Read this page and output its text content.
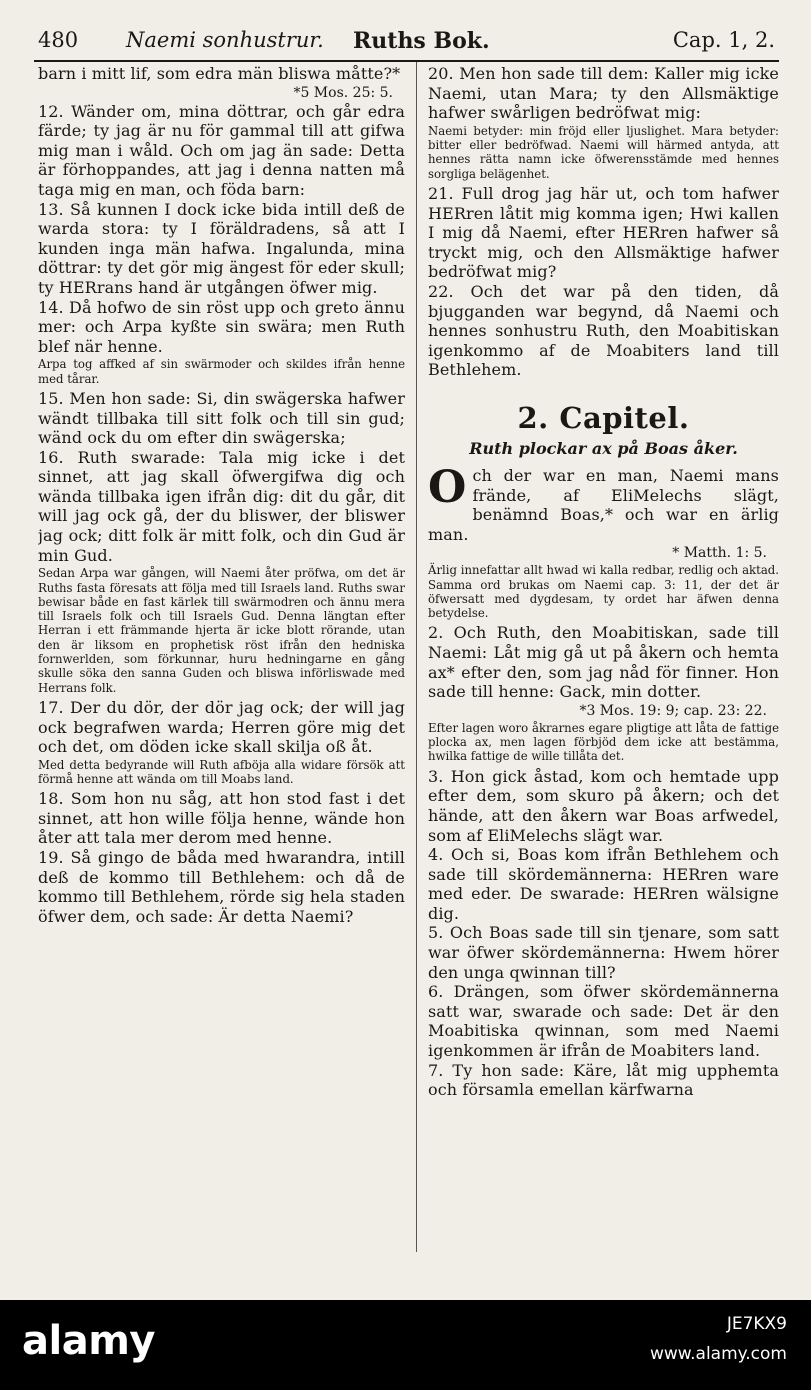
480 Naemi sonhustrur. Ruths Bok.	Cap. 1, 2.

barn i mitt lif, som edra män bliswa måtte?*

*5 Mos. 25: 5.

12. Wänder om, mina döttrar, och går edra färde; ty jag är nu för gammal till att gifwa mig man i wåld. Och om jag än sade: Detta är förhoppandes, att jag i denna natten må taga mig en man, och föda barn:

13. Så kunnen I dock icke bida intill deß de warda stora: ty I föräldradens, så att I kunden inga män hafwa. Ingalunda, mina döttrar: ty det gör mig ängest för eder skull; ty HERrans hand är utgången öfwer mig.

14. Då hofwo de sin röst upp och greto ännu mer: och Arpa kyßte sin swära; men Ruth blef när henne.

Arpa tog affked af sin swärmoder och skildes ifrån henne med tårar.

15. Men hon sade: Si, din swägerska hafwer wändt tillbaka till sitt folk och till sin gud; wänd ock du om efter din swägerska;

16. Ruth swarade: Tala mig icke i det sinnet, att jag skall öfwergifwa dig och wända tillbaka igen ifrån dig: dit du går, dit will jag ock gå, der du bliswer, der bliswer jag ock; ditt folk är mitt folk, och din Gud är min Gud.

Sedan Arpa war gången, will Naemi åter pröfwa, om det är Ruths fasta föresats att följa med till Israels land. Ruths swar bewisar både en fast kärlek till swärmodren och ännu mera till Israels folk och till Israels Gud. Denna längtan efter Herran i ett främmande hjerta är icke blott rörande, utan den är liksom en prophetisk röst ifrån den hedniska fornwerlden, som förkunnar, huru hedningarne en gång skulle söka den sanna Guden och bliswa införliswade med Herrans folk.

17. Der du dör, der dör jag ock; der will jag ock begrafwen warda; Herren göre mig det och det, om döden icke skall skilja oß åt.

Med detta bedyrande will Ruth afböja alla widare försök att förmå henne att wända om till Moabs land.

18. Som hon nu såg, att hon stod fast i det sinnet, att hon wille följa henne, wände hon åter att tala mer derom med henne.

19. Så gingo de båda med hwarandra, intill deß de kommo till Bethlehem: och då de kommo till Bethlehem, rörde sig hela staden öfwer dem, och sade: Är detta Naemi?

20. Men hon sade till dem: Kaller mig icke Naemi, utan Mara; ty den Allsmäktige hafwer swårligen bedröfwat mig:

Naemi betyder: min fröjd eller ljuslighet. Mara betyder: bitter eller bedröfwad. Naemi will härmed antyda, att hennes rätta namn icke öfwerensstämde med hennes sorgliga belägenhet.

21. Full drog jag här ut, och tom hafwer HERren låtit mig komma igen; Hwi kallen I mig då Naemi, efter HERren hafwer så tryckt mig, och den Allsmäktige hafwer bedröfwat mig?

22. Och det war på den tiden, då bjugganden war begynd, då Naemi och hennes sonhustru Ruth, den Moabitiskan igenkommo af de Moabiters land till Bethlehem.

2. Capitel.
Ruth plockar ax på Boas åker.

Och der war en man, Naemi mans frände, af EliMelechs slägt, benämnd Boas,* och war en ärlig man.

* Matth. 1: 5.

Ärlig innefattar allt hwad wi kalla redbar, redlig och aktad. Samma ord brukas om Naemi cap. 3: 11, der det är öfwersatt med dygdesam, ty ordet har äfwen denna betydelse.

2. Och Ruth, den Moabitiskan, sade till Naemi: Låt mig gå ut på åkern och hemta ax* efter den, som jag nåd för finner. Hon sade till henne: Gack, min dotter.

*3 Mos. 19: 9; cap. 23: 22.

Efter lagen woro åkrarnes egare pligtige att låta de fattige plocka ax, men lagen förbjöd dem icke att bestämma, hwilka fattige de wille tillåta det.

3. Hon gick åstad, kom och hemtade upp efter dem, som skuro på åkern; och det hände, att den åkern war Boas arfwedel, som af EliMelechs slägt war.

4. Och si, Boas kom ifrån Bethlehem och sade till skördemännerna: HERren ware med eder. De swarade: HERren wälsigne dig.

5. Och Boas sade till sin tjenare, som satt war öfwer skördemännerna: Hwem hörer den unga qwinnan till?

6. Drängen, som öfwer skördemännerna satt war, swarade och sade: Det är den Moabitiska qwinnan, som med Naemi igenkommen är ifrån de Moabiters land.

7. Ty hon sade: Käre, låt mig upphemta och församla emellan kärfwarna

alamy	JE7KX9
www.alamy.com
